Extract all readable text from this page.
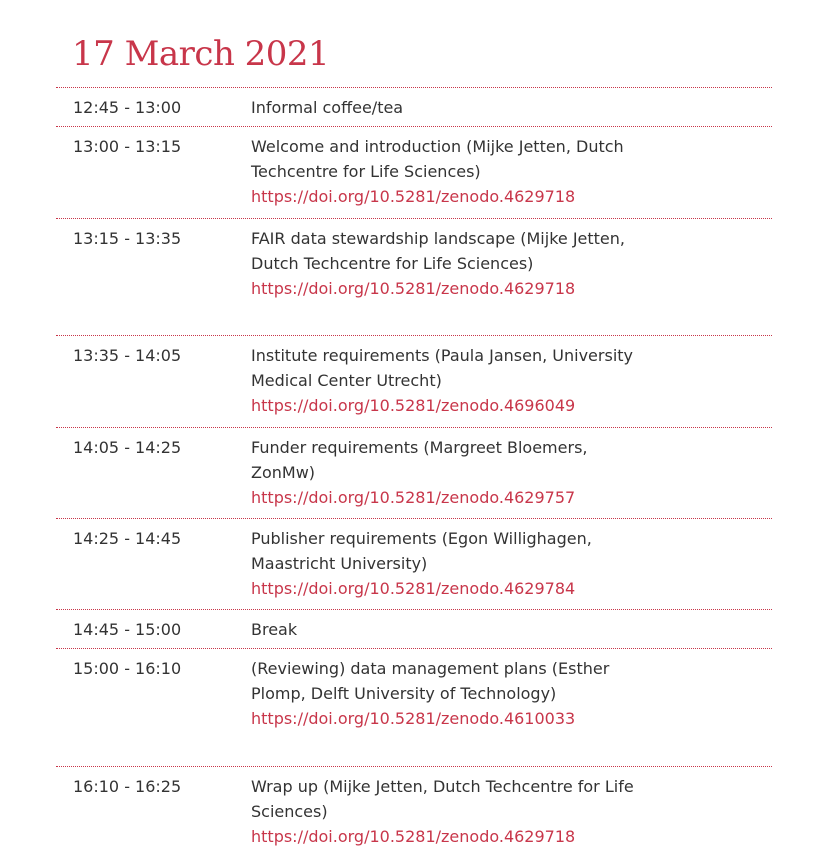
17 March 2021
12:45 - 13:00	Informal coffee/tea
13:00 - 13:15	Welcome and introduction (Mijke Jetten, Dutch Techcentre for Life Sciences)
https://doi.org/10.5281/zenodo.4629718
13:15 - 13:35	FAIR data stewardship landscape (Mijke Jetten, Dutch Techcentre for Life Sciences)
https://doi.org/10.5281/zenodo.4629718
13:35 - 14:05	Institute requirements (Paula Jansen, University Medical Center Utrecht)
https://doi.org/10.5281/zenodo.4696049
14:05 - 14:25	Funder requirements (Margreet Bloemers, ZonMw)
https://doi.org/10.5281/zenodo.4629757
14:25 - 14:45	Publisher requirements (Egon Willighagen, Maastricht University)
https://doi.org/10.5281/zenodo.4629784
14:45 - 15:00	Break
15:00 - 16:10	(Reviewing) data management plans (Esther Plomp, Delft University of Technology)
https://doi.org/10.5281/zenodo.4610033
16:10 - 16:25	Wrap up (Mijke Jetten, Dutch Techcentre for Life Sciences)
https://doi.org/10.5281/zenodo.4629718
